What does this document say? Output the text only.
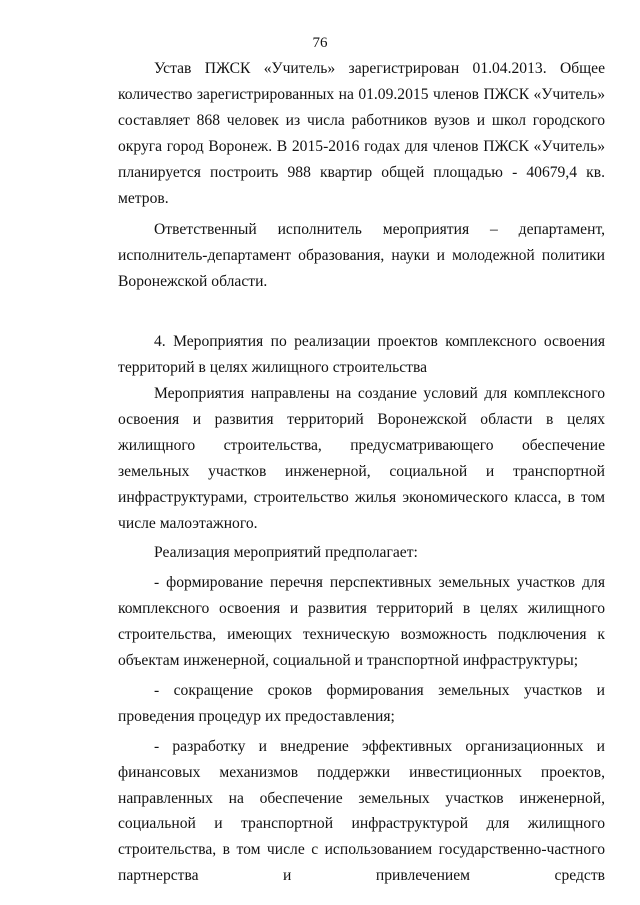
76

Устав ПЖСК «Учитель» зарегистрирован 01.04.2013. Общее количество зарегистрированных на 01.09.2015 членов ПЖСК «Учитель» составляет 868 человек из числа работников вузов и школ городского округа город Воронеж. В 2015-2016 годах для членов ПЖСК «Учитель» планируется построить 988 квартир общей площадью - 40679,4 кв. метров.

Ответственный исполнитель мероприятия – департамент, исполнитель-департамент образования, науки и молодежной политики Воронежской области.

4. Мероприятия по реализации проектов комплексного освоения территорий в целях жилищного строительства

Мероприятия направлены на создание условий для комплексного освоения и развития территорий Воронежской области в целях жилищного строительства, предусматривающего обеспечение земельных участков инженерной, социальной и транспортной инфраструктурами, строительство жилья экономического класса, в том числе малоэтажного.

Реализация мероприятий предполагает:

- формирование перечня перспективных земельных участков для комплексного освоения и развития территорий в целях жилищного строительства, имеющих техническую возможность подключения к объектам инженерной, социальной и транспортной инфраструктуры;

- сокращение сроков формирования земельных участков и проведения процедур их предоставления;

- разработку и внедрение эффективных организационных и финансовых механизмов поддержки инвестиционных проектов, направленных на обеспечение земельных участков инженерной, социальной и транспортной инфраструктурой для жилищного строительства, в том числе с использованием государственно-частного партнерства и привлечением средств
